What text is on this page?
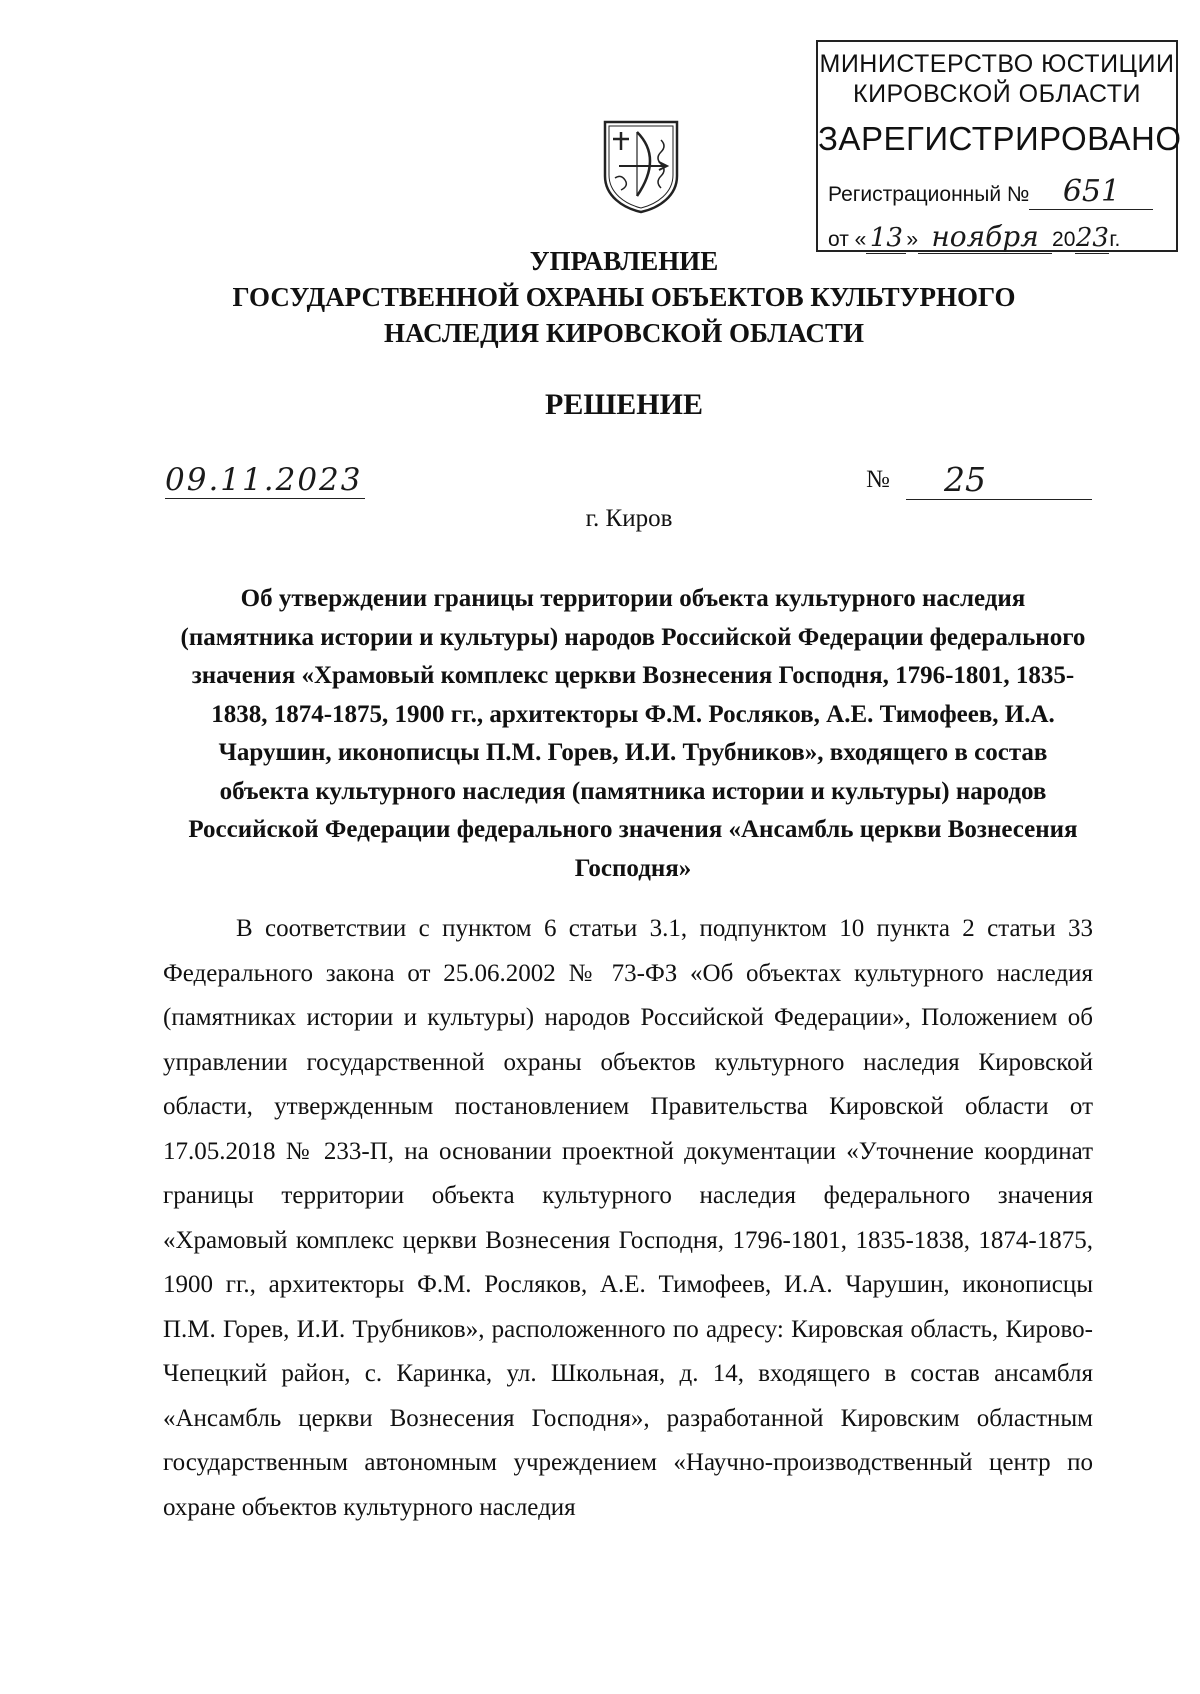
МИНИСТЕРСТВО ЮСТИЦИИ
КИРОВСКОЙ ОБЛАСТИ
ЗАРЕГИСТРИРОВАНО
Регистрационный № 651
от « 13 » ноября 2023г.
УПРАВЛЕНИЕ
ГОСУДАРСТВЕННОЙ ОХРАНЫ ОБЪЕКТОВ КУЛЬТУРНОГО
НАСЛЕДИЯ КИРОВСКОЙ ОБЛАСТИ
РЕШЕНИЕ
09.11.2023	№	25
г. Киров
Об утверждении границы территории объекта культурного наследия (памятника истории и культуры) народов Российской Федерации федерального значения «Храмовый комплекс церкви Вознесения Господня, 1796-1801, 1835-1838, 1874-1875, 1900 гг., архитекторы Ф.М. Росляков, А.Е. Тимофеев, И.А. Чарушин, иконописцы П.М. Горев, И.И. Трубников», входящего в состав объекта культурного наследия (памятника истории и культуры) народов Российской Федерации федерального значения «Ансамбль церкви Вознесения Господня»

В соответствии с пунктом 6 статьи 3.1, подпунктом 10 пункта 2 статьи 33 Федерального закона от 25.06.2002 № 73-ФЗ «Об объектах культурного наследия (памятниках истории и культуры) народов Российской Федерации», Положением об управлении государственной охраны объектов культурного наследия Кировской области, утвержденным постановлением Правительства Кировской области от 17.05.2018 № 233-П, на основании проектной документации «Уточнение координат границы территории объекта культурного наследия федерального значения «Храмовый комплекс церкви Вознесения Господня, 1796-1801, 1835-1838, 1874-1875, 1900 гг., архитекторы Ф.М. Росляков, А.Е. Тимофеев, И.А. Чарушин, иконописцы П.М. Горев, И.И. Трубников», расположенного по адресу: Кировская область, Кирово-Чепецкий район, с. Каринка, ул. Школьная, д. 14, входящего в состав ансамбля «Ансамбль церкви Вознесения Господня», разработанной Кировским областным государственным автономным учреждением «Научно-производственный центр по охране объектов культурного наследия
